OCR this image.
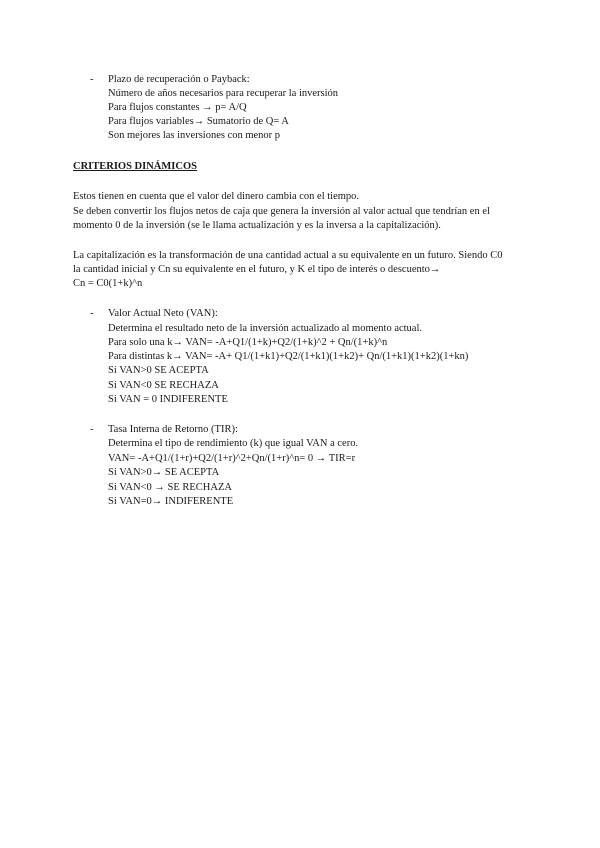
- Plazo de recuperación o Payback:
Número de años necesarios para recuperar la inversión
Para flujos constantes → p= A/Q
Para flujos variables→ Sumatorio de Q= A
Son mejores las inversiones con menor p
CRITERIOS DINÁMICOS
Estos tienen en cuenta que el valor del dinero cambia con el tiempo.
Se deben convertir los flujos netos de caja que genera la inversión al valor actual que tendrían en el
momento 0 de la inversión (se le llama actualización y es la inversa a la capitalización).
La capitalización es la transformación de una cantidad actual a su equivalente en un futuro. Siendo C0
la cantidad inicial y Cn su equivalente en el futuro, y K el tipo de interés o descuento→
Cn = C0(1+k)^n
- Valor Actual Neto (VAN):
Determina el resultado neto de la inversión actualizado al momento actual.
Para solo una k→ VAN= -A+Q1/(1+k)+Q2/(1+k)^2 + Qn/(1+k)^n
Para distintas k→ VAN= -A+ Q1/(1+k1)+Q2/(1+k1)(1+k2)+ Qn/(1+k1)(1+k2)(1+kn)
Si VAN>0 SE ACEPTA
Si VAN<0 SE RECHAZA
Si VAN = 0 INDIFERENTE
- Tasa Interna de Retorno (TIR):
Determina el tipo de rendimiento (k) que igual VAN a cero.
VAN= -A+Q1/(1+r)+Q2/(1+r)^2+Qn/(1+r)^n= 0 → TIR=r
Si VAN>0→ SE ACEPTA
Si VAN<0 → SE RECHAZA
Si VAN=0→ INDIFERENTE
